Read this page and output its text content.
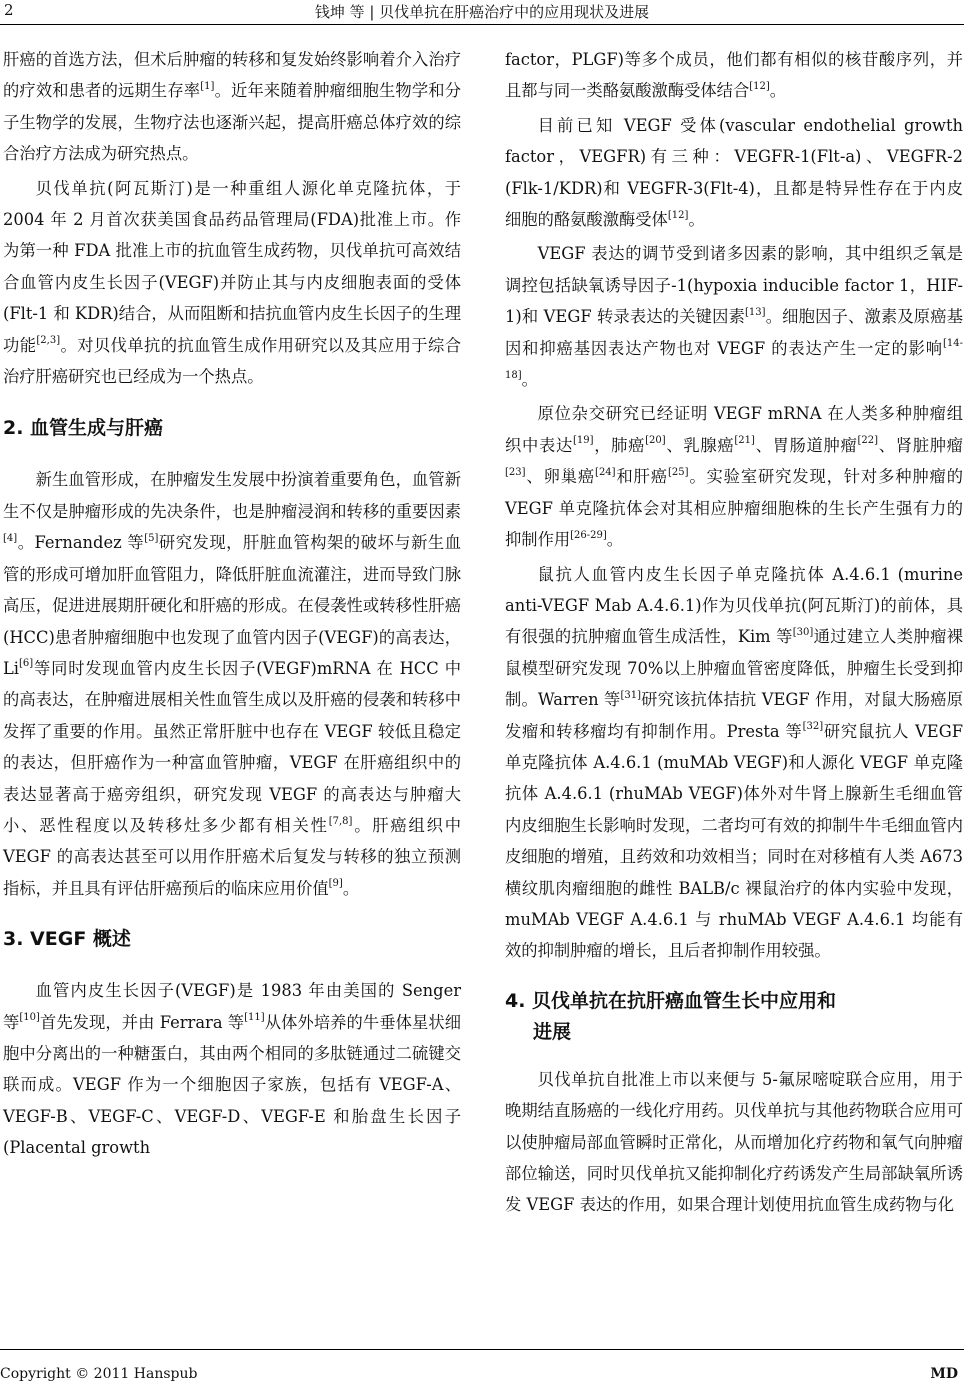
2	钱坤 等 | 贝伐单抗在肝癌治疗中的应用现状及进展

肝癌的首选方法，但术后肿瘤的转移和复发始终影响着介入治疗的疗效和患者的远期生存率[1]。近年来随着肿瘤细胞生物学和分子生物学的发展，生物疗法也逐渐兴起，提高肝癌总体疗效的综合治疗方法成为研究热点。

贝伐单抗(阿瓦斯汀)是一种重组人源化单克隆抗体，于 2004 年 2 月首次获美国食品药品管理局(FDA)批准上市。作为第一种 FDA 批准上市的抗血管生成药物，贝伐单抗可高效结合血管内皮生长因子(VEGF)并防止其与内皮细胞表面的受体(Flt-1 和 KDR)结合，从而阻断和拮抗血管内皮生长因子的生理功能[2,3]。对贝伐单抗的抗血管生成作用研究以及其应用于综合治疗肝癌研究也已经成为一个热点。

2. 血管生成与肝癌

新生血管形成，在肿瘤发生发展中扮演着重要角色，血管新生不仅是肿瘤形成的先决条件，也是肿瘤浸润和转移的重要因素[4]。Fernandez 等[5]研究发现，肝脏血管构架的破坏与新生血管的形成可增加肝血管阻力，降低肝脏血流灌注，进而导致门脉高压，促进进展期肝硬化和肝癌的形成。在侵袭性或转移性肝癌(HCC)患者肿瘤细胞中也发现了血管内因子(VEGF)的高表达，Li[6]等同时发现血管内皮生长因子(VEGF)mRNA 在 HCC 中的高表达，在肿瘤进展相关性血管生成以及肝癌的侵袭和转移中发挥了重要的作用。虽然正常肝脏中也存在 VEGF 较低且稳定的表达，但肝癌作为一种富血管肿瘤，VEGF 在肝癌组织中的表达显著高于癌旁组织，研究发现 VEGF 的高表达与肿瘤大小、恶性程度以及转移灶多少都有相关性[7,8]。肝癌组织中 VEGF 的高表达甚至可以用作肝癌术后复发与转移的独立预测指标，并且具有评估肝癌预后的临床应用价值[9]。

3. VEGF 概述

血管内皮生长因子(VEGF)是 1983 年由美国的 Senger 等[10]首先发现，并由 Ferrara 等[11]从体外培养的牛垂体星状细胞中分离出的一种糖蛋白，其由两个相同的多肽链通过二硫键交联而成。VEGF 作为一个细胞因子家族，包括有 VEGF-A、VEGF-B、VEGF-C、VEGF-D、VEGF-E 和胎盘生长因子(Placental growth

factor，PLGF)等多个成员，他们都有相似的核苷酸序列，并且都与同一类酪氨酸激酶受体结合[12]。

目前已知 VEGF 受体(vascular endothelial growth factor，VEGFR)有三种：VEGFR-1(Flt-a)、VEGFR-2 (Flk-1/KDR)和 VEGFR-3(Flt-4)，且都是特异性存在于内皮细胞的酪氨酸激酶受体[12]。

VEGF 表达的调节受到诸多因素的影响，其中组织乏氧是调控包括缺氧诱导因子-1(hypoxia inducible factor 1，HIF-1)和 VEGF 转录表达的关键因素[13]。细胞因子、激素及原癌基因和抑癌基因表达产物也对 VEGF 的表达产生一定的影响[14-18]。

原位杂交研究已经证明 VEGF mRNA 在人类多种肿瘤组织中表达[19]，肺癌[20]、乳腺癌[21]、胃肠道肿瘤[22]、肾脏肿瘤[23]、卵巢癌[24]和肝癌[25]。实验室研究发现，针对多种肿瘤的 VEGF 单克隆抗体会对其相应肿瘤细胞株的生长产生强有力的抑制作用[26-29]。

鼠抗人血管内皮生长因子单克隆抗体 A.4.6.1 (murine anti-VEGF Mab A.4.6.1)作为贝伐单抗(阿瓦斯汀)的前体，具有很强的抗肿瘤血管生成活性，Kim 等[30]通过建立人类肿瘤裸鼠模型研究发现 70%以上肿瘤血管密度降低，肿瘤生长受到抑制。Warren 等[31]研究该抗体拮抗 VEGF 作用，对鼠大肠癌原发瘤和转移瘤均有抑制作用。Presta 等[32]研究鼠抗人 VEGF 单克隆抗体 A.4.6.1 (muMAb VEGF)和人源化 VEGF 单克隆抗体 A.4.6.1 (rhuMAb VEGF)体外对牛肾上腺新生毛细血管内皮细胞生长影响时发现，二者均可有效的抑制牛牛毛细血管内皮细胞的增殖，且药效和功效相当；同时在对移植有人类 A673 横纹肌肉瘤细胞的雌性 BALB/c 裸鼠治疗的体内实验中发现，muMAb VEGF A.4.6.1 与 rhuMAb VEGF A.4.6.1 均能有效的抑制肿瘤的增长，且后者抑制作用较强。

4. 贝伐单抗在抗肝癌血管生长中应用和
进展

贝伐单抗自批准上市以来便与 5-氟尿嘧啶联合应用，用于晚期结直肠癌的一线化疗用药。贝伐单抗与其他药物联合应用可以使肿瘤局部血管瞬时正常化，从而增加化疗药物和氧气向肿瘤部位输送，同时贝伐单抗又能抑制化疗药诱发产生局部缺氧所诱发 VEGF 表达的作用，如果合理计划使用抗血管生成药物与化

Copyright © 2011 Hanspub	MD
